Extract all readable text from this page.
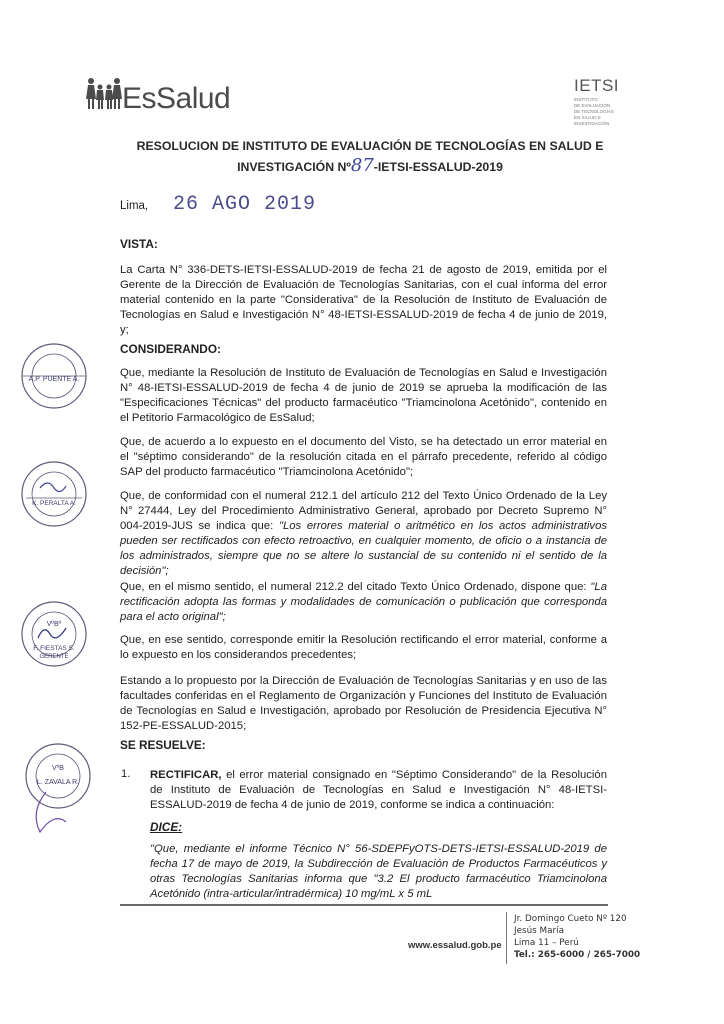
EsSalud	IETSI
INSTITUTO
DE EVALUACIÓN
DE TECNOLOGÍAS
EN SALUD E
INVESTIGACIÓN
RESOLUCION DE INSTITUTO DE EVALUACIÓN DE TECNOLOGÍAS EN SALUD E
INVESTIGACIÓN Nº87-IETSI-ESSALUD-2019
Lima, 26 AGO 2019
VISTA:
La Carta N° 336-DETS-IETSI-ESSALUD-2019 de fecha 21 de agosto de 2019, emitida por el Gerente de la Dirección de Evaluación de Tecnologías Sanitarias, con el cual informa del error material contenido en la parte "Considerativa" de la Resolución de Instituto de Evaluación de Tecnologías en Salud e Investigación N° 48-IETSI-ESSALUD-2019 de fecha 4 de junio de 2019, y;
CONSIDERANDO:
Que, mediante la Resolución de Instituto de Evaluación de Tecnologías en Salud e Investigación N° 48-IETSI-ESSALUD-2019 de fecha 4 de junio de 2019 se aprueba la modificación de las "Especificaciones Técnicas" del producto farmacéutico "Triamcinolona Acetónido", contenido en el Petitorio Farmacológico de EsSalud;
Que, de acuerdo a lo expuesto en el documento del Visto, se ha detectado un error material en el "séptimo considerando" de la resolución citada en el párrafo precedente, referido al código SAP del producto farmacéutico "Triamcinolona Acetónido";
Que, de conformidad con el numeral 212.1 del artículo 212 del Texto Único Ordenado de la Ley N° 27444, Ley del Procedimiento Administrativo General, aprobado por Decreto Supremo N° 004-2019-JUS se indica que: "Los errores material o aritmético en los actos administrativos pueden ser rectificados con efecto retroactivo, en cualquier momento, de oficio o a instancia de los administrados, siempre que no se altere lo sustancial de su contenido ni el sentido de la decisión";
Que, en el mismo sentido, el numeral 212.2 del citado Texto Único Ordenado, dispone que: "La rectificación adopta las formas y modalidades de comunicación o publicación que corresponda para el acto original";
Que, en ese sentido, corresponde emitir la Resolución rectificando el error material, conforme a lo expuesto en los considerandos precedentes;
Estando a lo propuesto por la Dirección de Evaluación de Tecnologías Sanitarias y en uso de las facultades conferidas en el Reglamento de Organización y Funciones del Instituto de Evaluación de Tecnologías en Salud e Investigación, aprobado por Resolución de Presidencia Ejecutiva N° 152-PE-ESSALUD-2015;
SE RESUELVE:
1. RECTIFICAR, el error material consignado en "Séptimo Considerando" de la Resolución de Instituto de Evaluación de Tecnologías en Salud e Investigación N° 48-IETSI-ESSALUD-2019 de fecha 4 de junio de 2019, conforme se indica a continuación:
DICE:
"Que, mediante el informe Técnico N° 56-SDEPFyOTS-DETS-IETSI-ESSALUD-2019 de fecha 17 de mayo de 2019, la Subdirección de Evaluación de Productos Farmacéuticos y otras Tecnologías Sanitarias informa que "3.2 El producto farmacéutico Triamcinolona Acetónido (intra-articular/intradérmica) 10 mg/mL x 5 mL
A.P. PUENTE A.
K. PERALTA A.
VºBº
F. FIESTAS S.
GERENTE
VºB
L. ZAVALA R.
www.essalud.gob.pe
Jr. Domingo Cueto Nº 120
Jesús María
Lima 11 – Perú
Tel.: 265-6000 / 265-7000
